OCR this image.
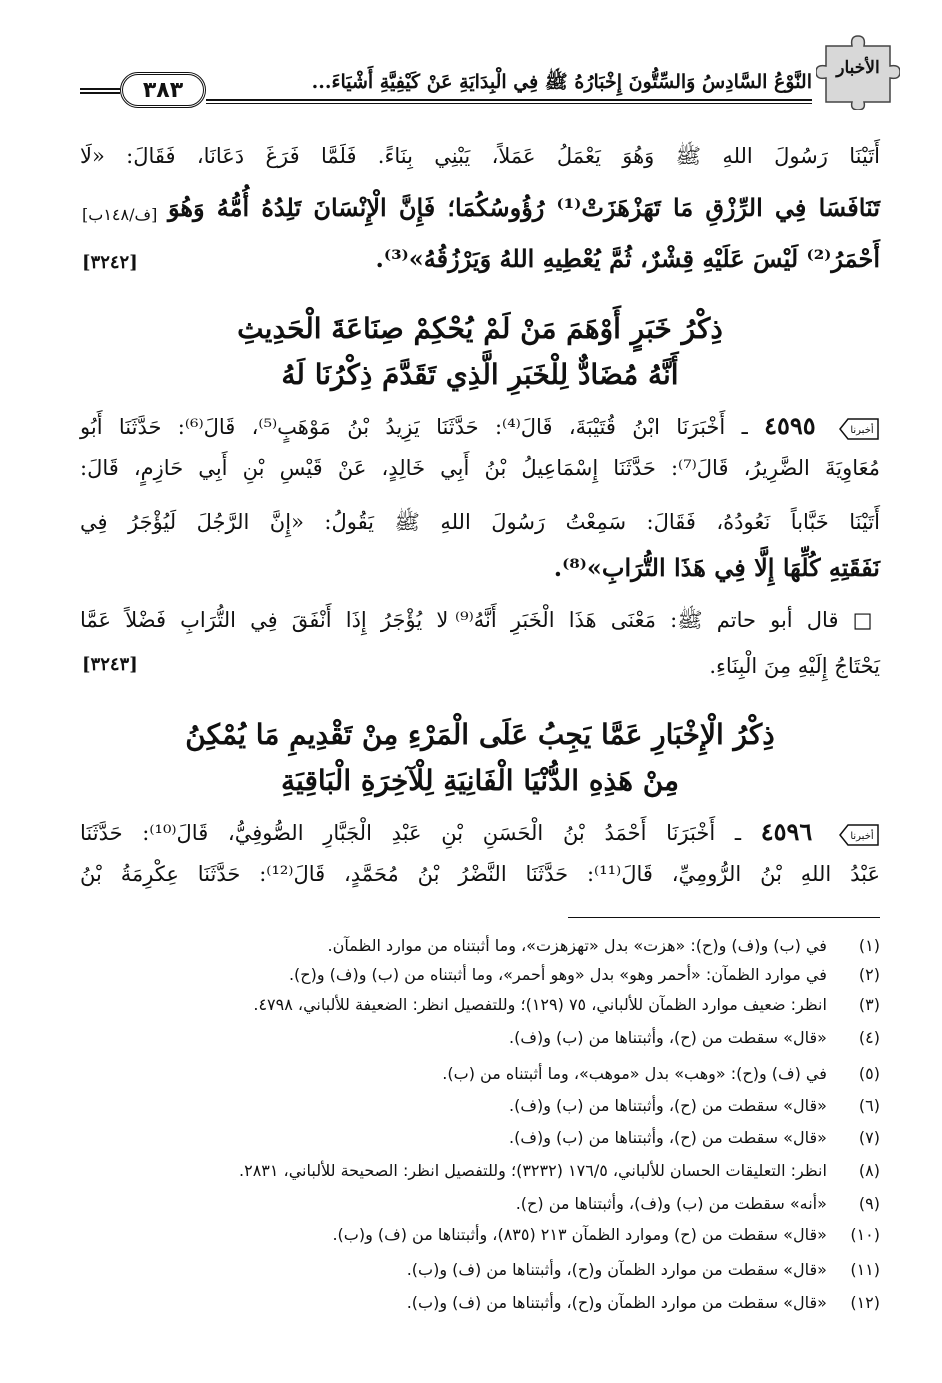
٣٨٣	النَّوْعُ السَّادِسُ وَالسِّتُّونَ إِخْبَارُهُ ﷺ فِي الْبِدَايَةِ عَنْ كَيْفِيَّةِ أَشْيَاءَ...
الأخبار
أَتَيْنَا رَسُولَ اللهِ ﷺ وَهُوَ يَعْمَلُ عَمَلاً، يَبْنِي بِنَاءً. فَلَمَّا فَرَغَ دَعَانَا، فَقَالَ: «لَا
تَنَافَسَا فِي الرِّزْقِ مَا تَهَزْهَزَتْ⁽¹⁾ رُؤُوسُكُمَا؛ فَإِنَّ الْإِنْسَانَ تَلِدُهُ أُمُّهُ وَهُوَ
[ف/١٤٨ب]
أَحْمَرُ⁽²⁾ لَيْسَ عَلَيْهِ قِشْرٌ، ثُمَّ يُعْطِيهِ اللهُ وَيَرْزُقُهُ»⁽³⁾.
[٣٢٤٢]
ذِكْرُ خَبَرٍ أَوْهَمَ مَنْ لَمْ يُحْكِمْ صِنَاعَةَ الْحَدِيثِ
أَنَّهُ مُضَادٌّ لِلْخَبَرِ الَّذِي تَقَدَّمَ ذِكْرُنَا لَهُ
أخبرنا
٤٥٩٥ ـ أَخْبَرَنَا ابْنُ قُتَيْبَةَ، قَالَ⁽⁴⁾: حَدَّثَنَا يَزِيدُ بْنُ مَوْهَبٍ⁽⁵⁾، قَالَ⁽⁶⁾: حَدَّثَنَا أَبُو
مُعَاوِيَةَ الضَّرِيرُ، قَالَ⁽⁷⁾: حَدَّثَنَا إِسْمَاعِيلُ بْنُ أَبِي خَالِدٍ، عَنْ قَيْسِ بْنِ أَبِي حَازِمٍ، قَالَ:
أَتَيْنَا خَبَّاباً نَعُودُهُ، فَقَالَ: سَمِعْتُ رَسُولَ اللهِ ﷺ يَقُولُ: «إِنَّ الرَّجُلَ لَيُؤْجَرُ فِي
نَفَقَتِهِ كُلِّهَا إِلَّا فِي هَذَا التُّرَابِ»⁽⁸⁾.
□ قال أبو حاتم ﷺ: مَعْنَى هَذَا الْخَبَرِ أَنَّهُ⁽⁹⁾ لا يُؤْجَرُ إِذَا أَنْفَقَ فِي التُّرَابِ فَضْلاً عَمَّا
يَحْتَاجُ إِلَيْهِ مِنَ الْبِنَاءِ.
[٣٢٤٣]
ذِكْرُ الْإِخْبَارِ عَمَّا يَجِبُ عَلَى الْمَرْءِ مِنْ تَقْدِيمِ مَا يُمْكِنُ
مِنْ هَذِهِ الدُّنْيَا الْفَانِيَةِ لِلْآخِرَةِ الْبَاقِيَةِ
أخبرنا
٤٥٩٦ ـ أَخْبَرَنَا أَحْمَدُ بْنُ الْحَسَنِ بْنِ عَبْدِ الْجَبَّارِ الصُّوفِيُّ، قَالَ⁽¹⁰⁾: حَدَّثَنَا
عَبْدُ اللهِ بْنُ الرُّومِيِّ، قَالَ⁽¹¹⁾: حَدَّثَنَا النَّضْرُ بْنُ مُحَمَّدٍ، قَالَ⁽¹²⁾: حَدَّثَنَا عِكْرِمَةُ بْنُ
(١) في (ب) و(ف) و(ح): «هزت» بدل «تهزهزت»، وما أثبتناه من موارد الظمآن.
(٢) في موارد الظمآن: «أحمر وهو» بدل «وهو أحمر»، وما أثبتناه من (ب) و(ف) و(ح).
(٣) انظر: ضعيف موارد الظمآن للألباني، ٧٥ (١٢٩)؛ وللتفصيل انظر: الضعيفة للألباني، ٤٧٩٨.
(٤) «قال» سقطت من (ح)، وأثبتناها من (ب) و(ف).
(٥) في (ف) و(ح): «وهب» بدل «موهب»، وما أثبتناه من (ب).
(٦) «قال» سقطت من (ح)، وأثبتناها من (ب) و(ف).
(٧) «قال» سقطت من (ح)، وأثبتناها من (ب) و(ف).
(٨) انظر: التعليقات الحسان للألباني، ١٧٦/٥ (٣٢٣٢)؛ وللتفصيل انظر: الصحيحة للألباني، ٢٨٣١.
(٩) «أنه» سقطت من (ب) و(ف)، وأثبتناها من (ح).
(١٠) «قال» سقطت من (ح) وموارد الظمآن ٢١٣ (٨٣٥)، وأثبتناها من (ف) و(ب).
(١١) «قال» سقطت من موارد الظمآن و(ح)، وأثبتناها من (ف) و(ب).
(١٢) «قال» سقطت من موارد الظمآن و(ح)، وأثبتناها من (ف) و(ب).
